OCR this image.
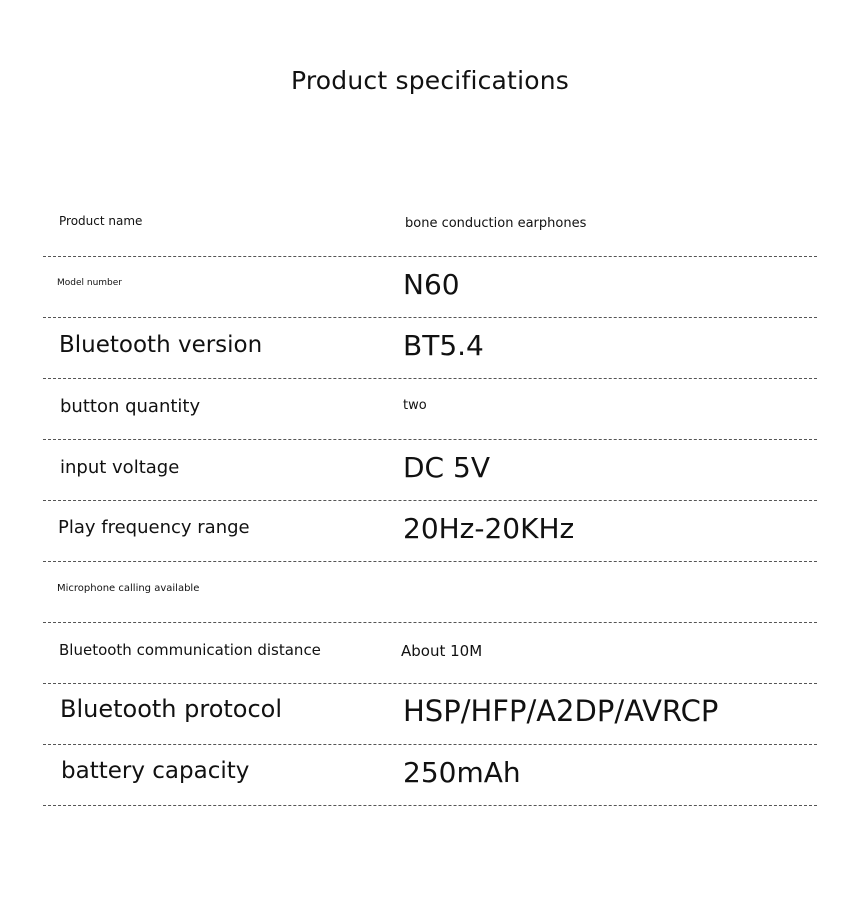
Product specifications
Product name	bone conduction earphones
Model number	N60
Bluetooth version	BT5.4
button quantity	two
input voltage	DC 5V
Play frequency range	20Hz-20KHz
Microphone calling available
Bluetooth communication distance	About 10M
Bluetooth protocol	HSP/HFP/A2DP/AVRCP
battery capacity	250mAh
